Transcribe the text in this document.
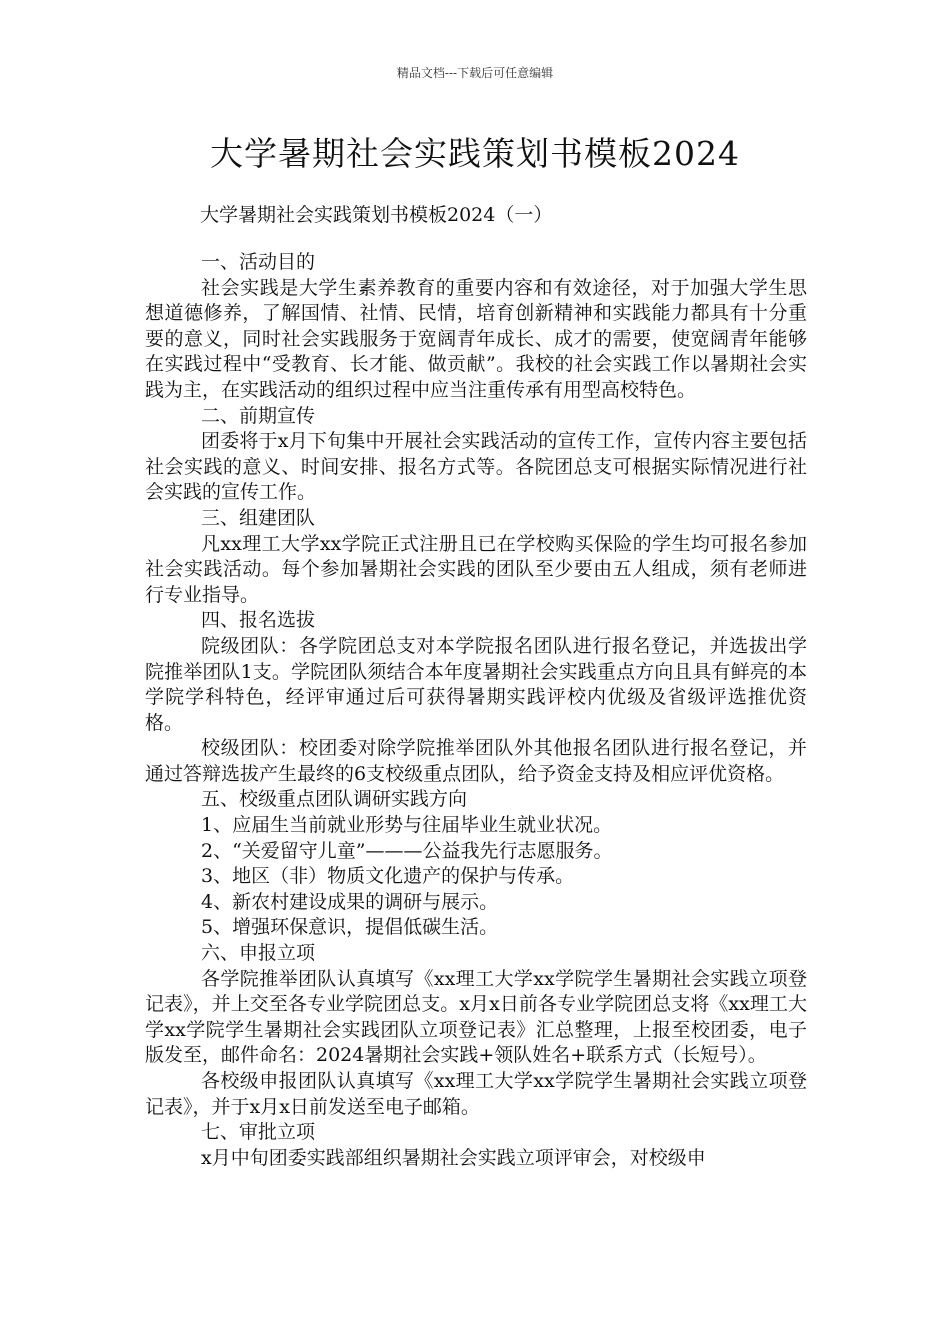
精品文档---下载后可任意编辑
大学暑期社会实践策划书模板2024
大学暑期社会实践策划书模板2024（一）

一、活动目的

社会实践是大学生素养教育的重要内容和有效途径，对于加强大学生思想道德修养，了解国情、社情、民情，培育创新精神和实践能力都具有十分重要的意义，同时社会实践服务于宽阔青年成长、成才的需要，使宽阔青年能够在实践过程中“受教育、长才能、做贡献”。我校的社会实践工作以暑期社会实践为主，在实践活动的组织过程中应当注重传承有用型高校特色。

二、前期宣传

团委将于x月下旬集中开展社会实践活动的宣传工作，宣传内容主要包括社会实践的意义、时间安排、报名方式等。各院团总支可根据实际情况进行社会实践的宣传工作。

三、组建团队

凡xx理工大学xx学院正式注册且已在学校购买保险的学生均可报名参加社会实践活动。每个参加暑期社会实践的团队至少要由五人组成，须有老师进行专业指导。

四、报名选拔

院级团队：各学院团总支对本学院报名团队进行报名登记，并选拔出学院推举团队1支。学院团队须结合本年度暑期社会实践重点方向且具有鲜亮的本学院学科特色，经评审通过后可获得暑期实践评校内优级及省级评选推优资格。

校级团队：校团委对除学院推举团队外其他报名团队进行报名登记，并通过答辩选拔产生最终的6支校级重点团队，给予资金支持及相应评优资格。

五、校级重点团队调研实践方向

1、应届生当前就业形势与往届毕业生就业状况。

2、“关爱留守儿童”———公益我先行志愿服务。

3、地区（非）物质文化遗产的保护与传承。

4、新农村建设成果的调研与展示。

5、增强环保意识，提倡低碳生活。

六、申报立项

各学院推举团队认真填写《xx理工大学xx学院学生暑期社会实践立项登记表》，并上交至各专业学院团总支。x月x日前各专业学院团总支将《xx理工大学xx学院学生暑期社会实践团队立项登记表》汇总整理，上报至校团委，电子版发至，邮件命名：2024暑期社会实践+领队姓名+联系方式（长短号）。

各校级申报团队认真填写《xx理工大学xx学院学生暑期社会实践立项登记表》，并于x月x日前发送至电子邮箱。

七、审批立项

x月中旬团委实践部组织暑期社会实践立项评审会，对校级申
